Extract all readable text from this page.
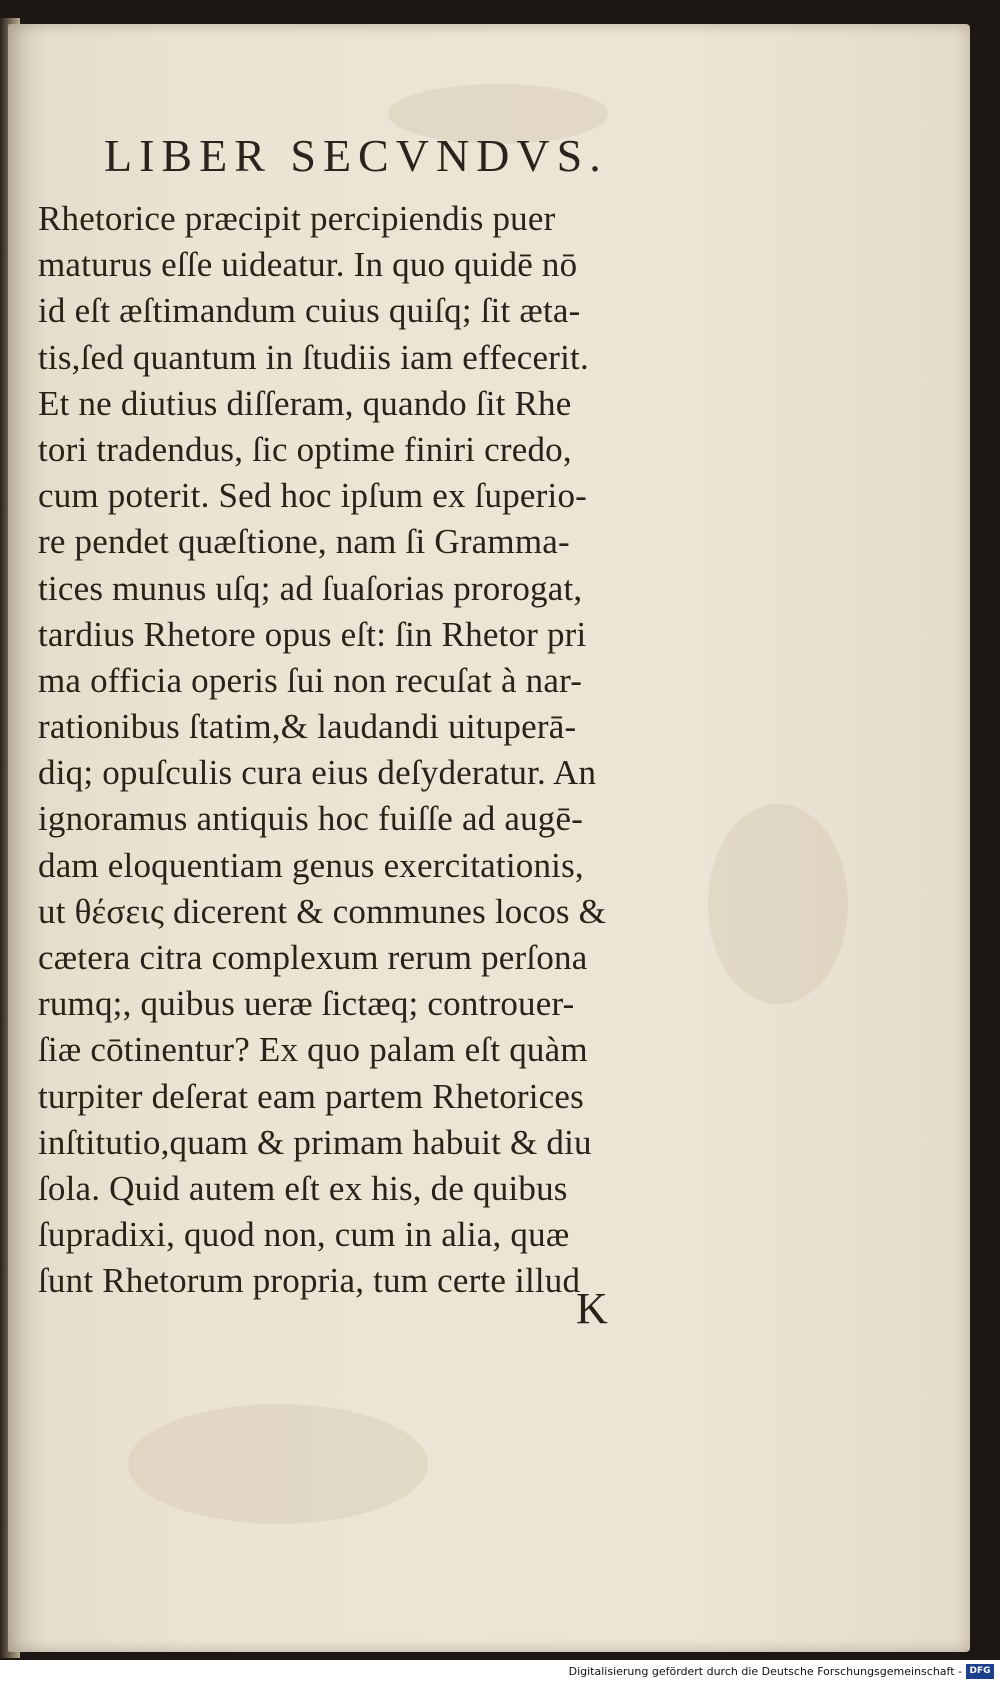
LIBER SECVNDVS.
Rhetorice præcipit percipiendis puer
maturus eſſe uideatur. In quo quidē nō
id eſt æſtimandum cuius quiſq; ſit æta-
tis,ſed quantum in ſtudiis iam effecerit.
Et ne diutius diſſeram, quando ſit Rhe
tori tradendus, ſic optime finiri credo,
cum poterit. Sed hoc ipſum ex ſuperio-
re pendet quæſtione, nam ſi Gramma-
tices munus uſq; ad ſuaſorias prorogat,
tardius Rhetore opus eſt: ſin Rhetor pri
ma officia operis ſui non recuſat à nar-
rationibus ſtatim,& laudandi uituperā-
diq; opuſculis cura eius deſyderatur. An
ignoramus antiquis hoc fuiſſe ad augē-
dam eloquentiam genus exercitationis,
ut θέσεις dicerent & communes locos &
cætera citra complexum rerum perſona
rumq;, quibus ueræ ſictæq; controuer-
ſiæ cōtinentur? Ex quo palam eſt quàm
turpiter deſerat eam partem Rhetorices
inſtitutio,quam & primam habuit & diu
ſola. Quid autem eſt ex his, de quibus
ſupradixi, quod non, cum in alia, quæ
ſunt Rhetorum propria, tum certe illud
K
Digitalisierung gefördert durch die Deutsche Forschungsgemeinschaft - DFG
